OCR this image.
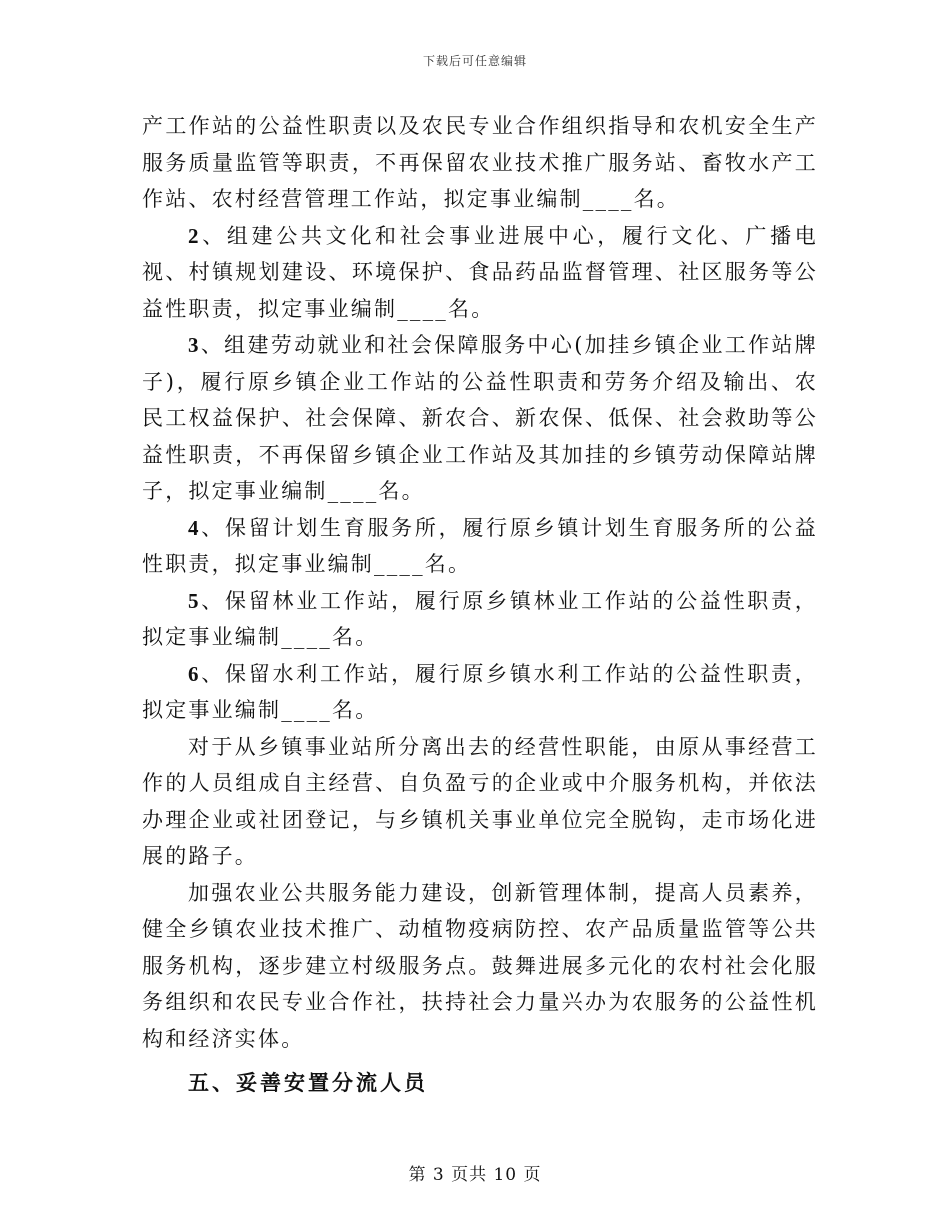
下载后可任意编辑

产工作站的公益性职责以及农民专业合作组织指导和农机安全生产服务质量监管等职责，不再保留农业技术推广服务站、畜牧水产工作站、农村经营管理工作站，拟定事业编制____名。

2、组建公共文化和社会事业进展中心，履行文化、广播电视、村镇规划建设、环境保护、食品药品监督管理、社区服务等公益性职责，拟定事业编制____名。

3、组建劳动就业和社会保障服务中心(加挂乡镇企业工作站牌子)，履行原乡镇企业工作站的公益性职责和劳务介绍及输出、农民工权益保护、社会保障、新农合、新农保、低保、社会救助等公益性职责，不再保留乡镇企业工作站及其加挂的乡镇劳动保障站牌子，拟定事业编制____名。

4、保留计划生育服务所，履行原乡镇计划生育服务所的公益性职责，拟定事业编制____名。

5、保留林业工作站，履行原乡镇林业工作站的公益性职责，拟定事业编制____名。

6、保留水利工作站，履行原乡镇水利工作站的公益性职责，拟定事业编制____名。

对于从乡镇事业站所分离出去的经营性职能，由原从事经营工作的人员组成自主经营、自负盈亏的企业或中介服务机构，并依法办理企业或社团登记，与乡镇机关事业单位完全脱钩，走市场化进展的路子。

加强农业公共服务能力建设，创新管理体制，提高人员素养，健全乡镇农业技术推广、动植物疫病防控、农产品质量监管等公共服务机构，逐步建立村级服务点。鼓舞进展多元化的农村社会化服务组织和农民专业合作社，扶持社会力量兴办为农服务的公益性机构和经济实体。

五、妥善安置分流人员

第 3 页共 10 页
